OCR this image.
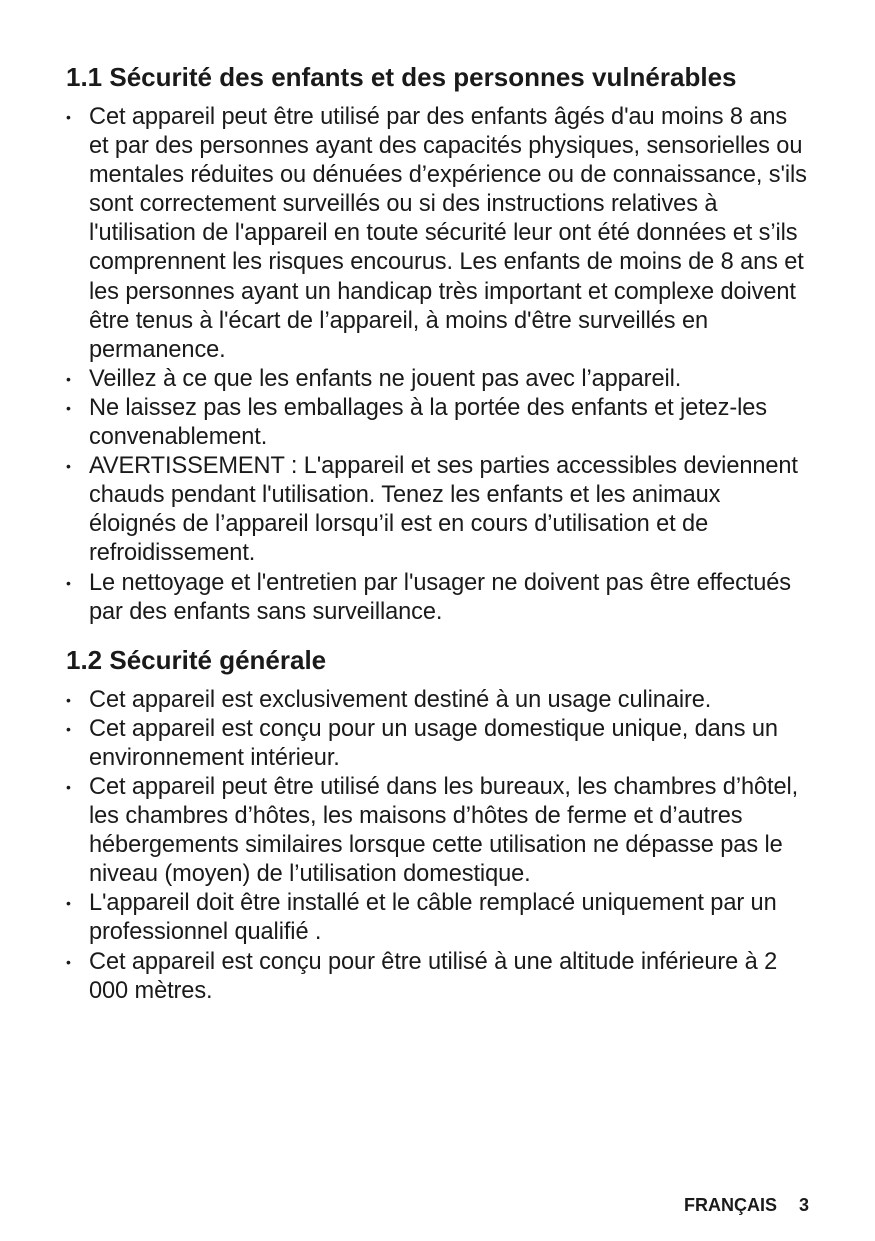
1.1 Sécurité des enfants et des personnes vulnérables
• Cet appareil peut être utilisé par des enfants âgés d'au moins 8 ans et par des personnes ayant des capacités physiques, sensorielles ou mentales réduites ou dénuées d’expérience ou de connaissance, s'ils sont correctement surveillés ou si des instructions relatives à l'utilisation de l'appareil en toute sécurité leur ont été données et s’ils comprennent les risques encourus. Les enfants de moins de 8 ans et les personnes ayant un handicap très important et complexe doivent être tenus à l'écart de l’appareil, à moins d'être surveillés en permanence.
• Veillez à ce que les enfants ne jouent pas avec l’appareil.
• Ne laissez pas les emballages à la portée des enfants et jetez-les convenablement.
• AVERTISSEMENT : L'appareil et ses parties accessibles deviennent chauds pendant l'utilisation. Tenez les enfants et les animaux éloignés de l’appareil lorsqu’il est en cours d’utilisation et de refroidissement.
• Le nettoyage et l'entretien par l'usager ne doivent pas être effectués par des enfants sans surveillance.
1.2 Sécurité générale
• Cet appareil est exclusivement destiné à un usage culinaire.
• Cet appareil est conçu pour un usage domestique unique, dans un environnement intérieur.
• Cet appareil peut être utilisé dans les bureaux, les chambres d’hôtel, les chambres d’hôtes, les maisons d’hôtes de ferme et d’autres hébergements similaires lorsque cette utilisation ne dépasse pas le niveau (moyen) de l’utilisation domestique.
• L'appareil doit être installé et le câble remplacé uniquement par un professionnel qualifié .
• Cet appareil est conçu pour être utilisé à une altitude inférieure à 2 000 mètres.
FRANÇAIS 3
